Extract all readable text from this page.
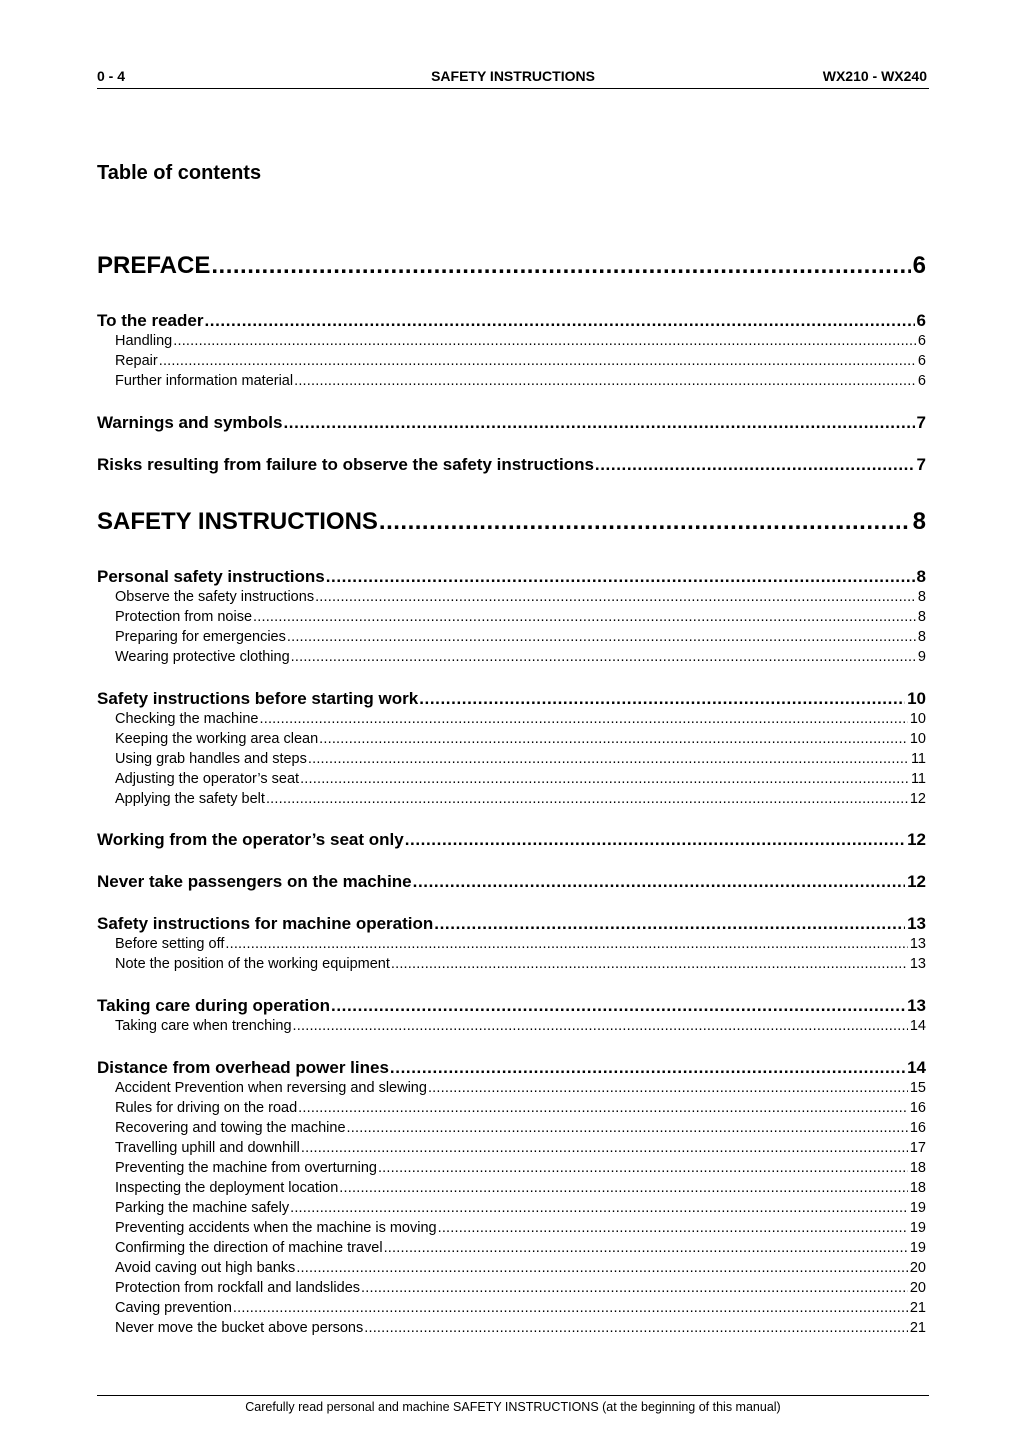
0 - 4	SAFETY INSTRUCTIONS	WX210 - WX240
Table of contents
PREFACE .....	6
To the reader .....	6
Handling .....	6
Repair .....	6
Further information material .....	6
Warnings and symbols .....	7
Risks resulting from failure to observe the safety instructions .....	7
SAFETY INSTRUCTIONS .....	8
Personal safety instructions .....	8
Observe the safety instructions .....	8
Protection from noise .....	8
Preparing for emergencies .....	8
Wearing protective clothing .....	9
Safety instructions before starting work .....	10
Checking the machine .....	10
Keeping the working area clean .....	10
Using grab handles and steps .....	11
Adjusting the operator’s seat .....	11
Applying the safety belt .....	12
Working from the operator’s seat only .....	12
Never take passengers on the machine .....	12
Safety instructions for machine operation .....	13
Before setting off .....	13
Note the position of the working equipment .....	13
Taking care during operation .....	13
Taking care when trenching .....	14
Distance from overhead power lines .....	14
Accident Prevention when reversing and slewing .....	15
Rules for driving on the road .....	16
Recovering and towing the machine .....	16
Travelling uphill and downhill .....	17
Preventing the machine from overturning .....	18
Inspecting the deployment location .....	18
Parking the machine safely .....	19
Preventing accidents when the machine is moving .....	19
Confirming the direction of machine travel .....	19
Avoid caving out high banks .....	20
Protection from rockfall and landslides .....	20
Caving prevention .....	21
Never move the bucket above persons .....	21
Carefully read personal and machine SAFETY INSTRUCTIONS (at the beginning of this manual)
